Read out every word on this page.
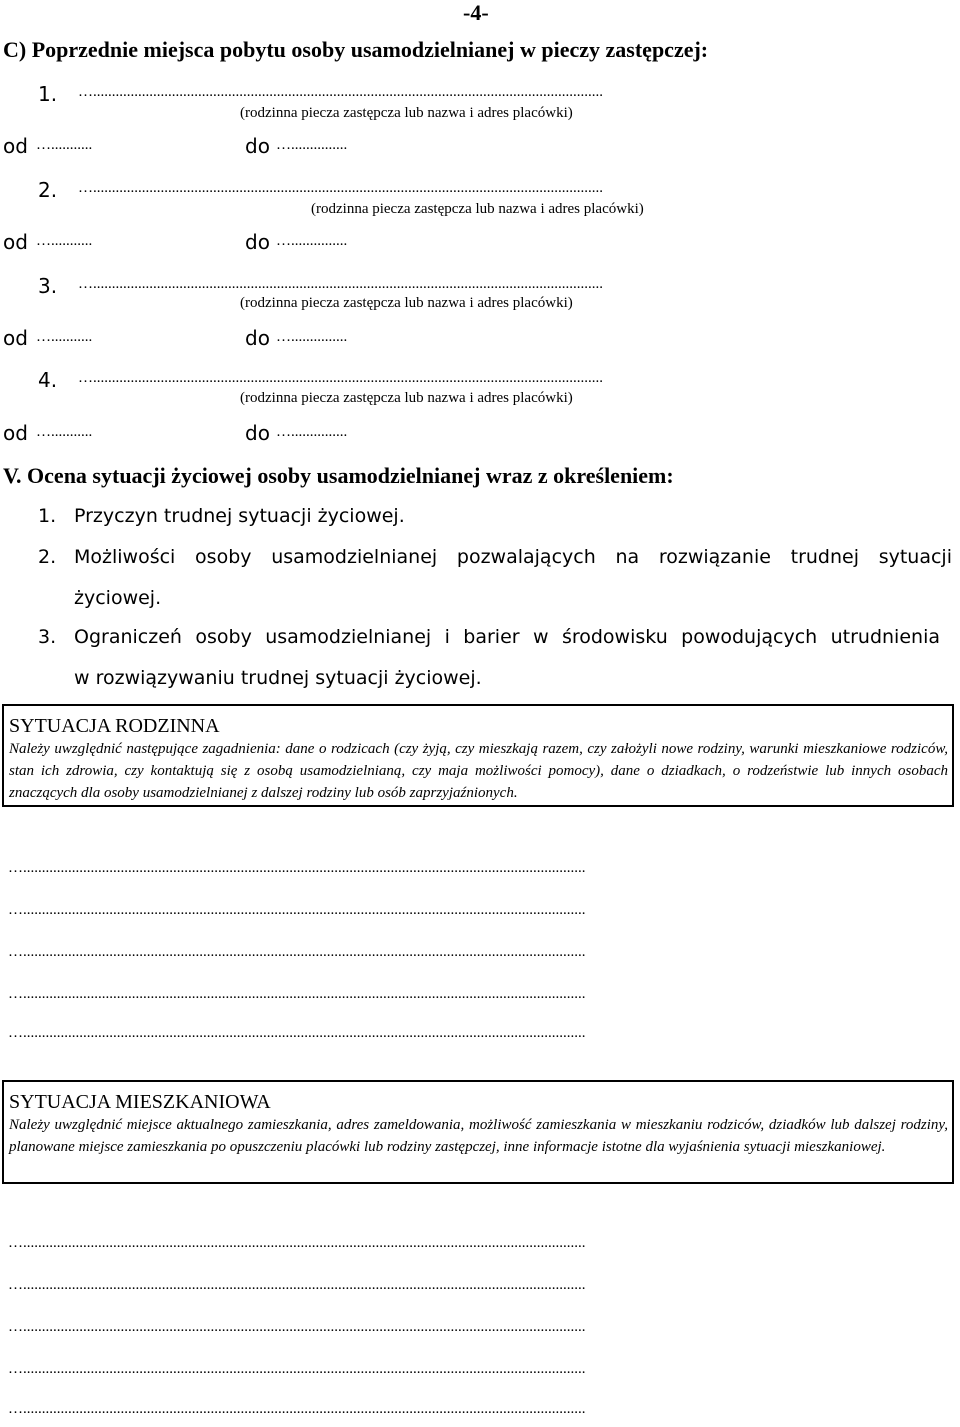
-4-
C) Poprzednie miejsca pobytu osoby usamodzielnianej w pieczy zastępczej:
1. …........................................................................................................................................
(rodzinna piecza zastępcza lub nazwa i adres placówki)
od …...........	do …...............
2. …........................................................................................................................................
(rodzinna piecza zastępcza lub nazwa i adres placówki)
od …...........	do …...............
3. …........................................................................................................................................
(rodzinna piecza zastępcza lub nazwa i adres placówki)
od …...........	do …...............
4. …........................................................................................................................................
(rodzinna piecza zastępcza lub nazwa i adres placówki)
od …...........	do …...............
V. Ocena sytuacji życiowej osoby usamodzielnianej wraz z określeniem:
1. Przyczyn trudnej sytuacji życiowej.
2. Możliwości osoby usamodzielnianej pozwalających na rozwiązanie trudnej sytuacji
życiowej.
3. Ograniczeń osoby usamodzielnianej i barier w środowisku powodujących utrudnienia
w rozwiązywaniu trudnej sytuacji życiowej.
SYTUACJA RODZINNA
Należy uwzględnić następujące zagadnienia: dane o rodzicach (czy żyją, czy mieszkają razem, czy założyli nowe rodziny, warunki mieszkaniowe rodziców, stan ich zdrowia, czy kontaktują się z osobą usamodzielnianą, czy maja możliwości pomocy), dane o dziadkach, o rodzeństwie lub innych osobach znaczących dla osoby usamodzielnianej z dalszej rodziny lub osób zaprzyjaźnionych.
…......................................................................................................................................................
…......................................................................................................................................................
…......................................................................................................................................................
…......................................................................................................................................................
…......................................................................................................................................................
SYTUACJA MIESZKANIOWA
Należy uwzględnić miejsce aktualnego zamieszkania, adres zameldowania, możliwość zamieszkania w mieszkaniu rodziców, dziadków lub dalszej rodziny, planowane miejsce zamieszkania po opuszczeniu placówki lub rodziny zastępczej, inne informacje istotne dla wyjaśnienia sytuacji mieszkaniowej.
…......................................................................................................................................................
…......................................................................................................................................................
…......................................................................................................................................................
…......................................................................................................................................................
…......................................................................................................................................................
